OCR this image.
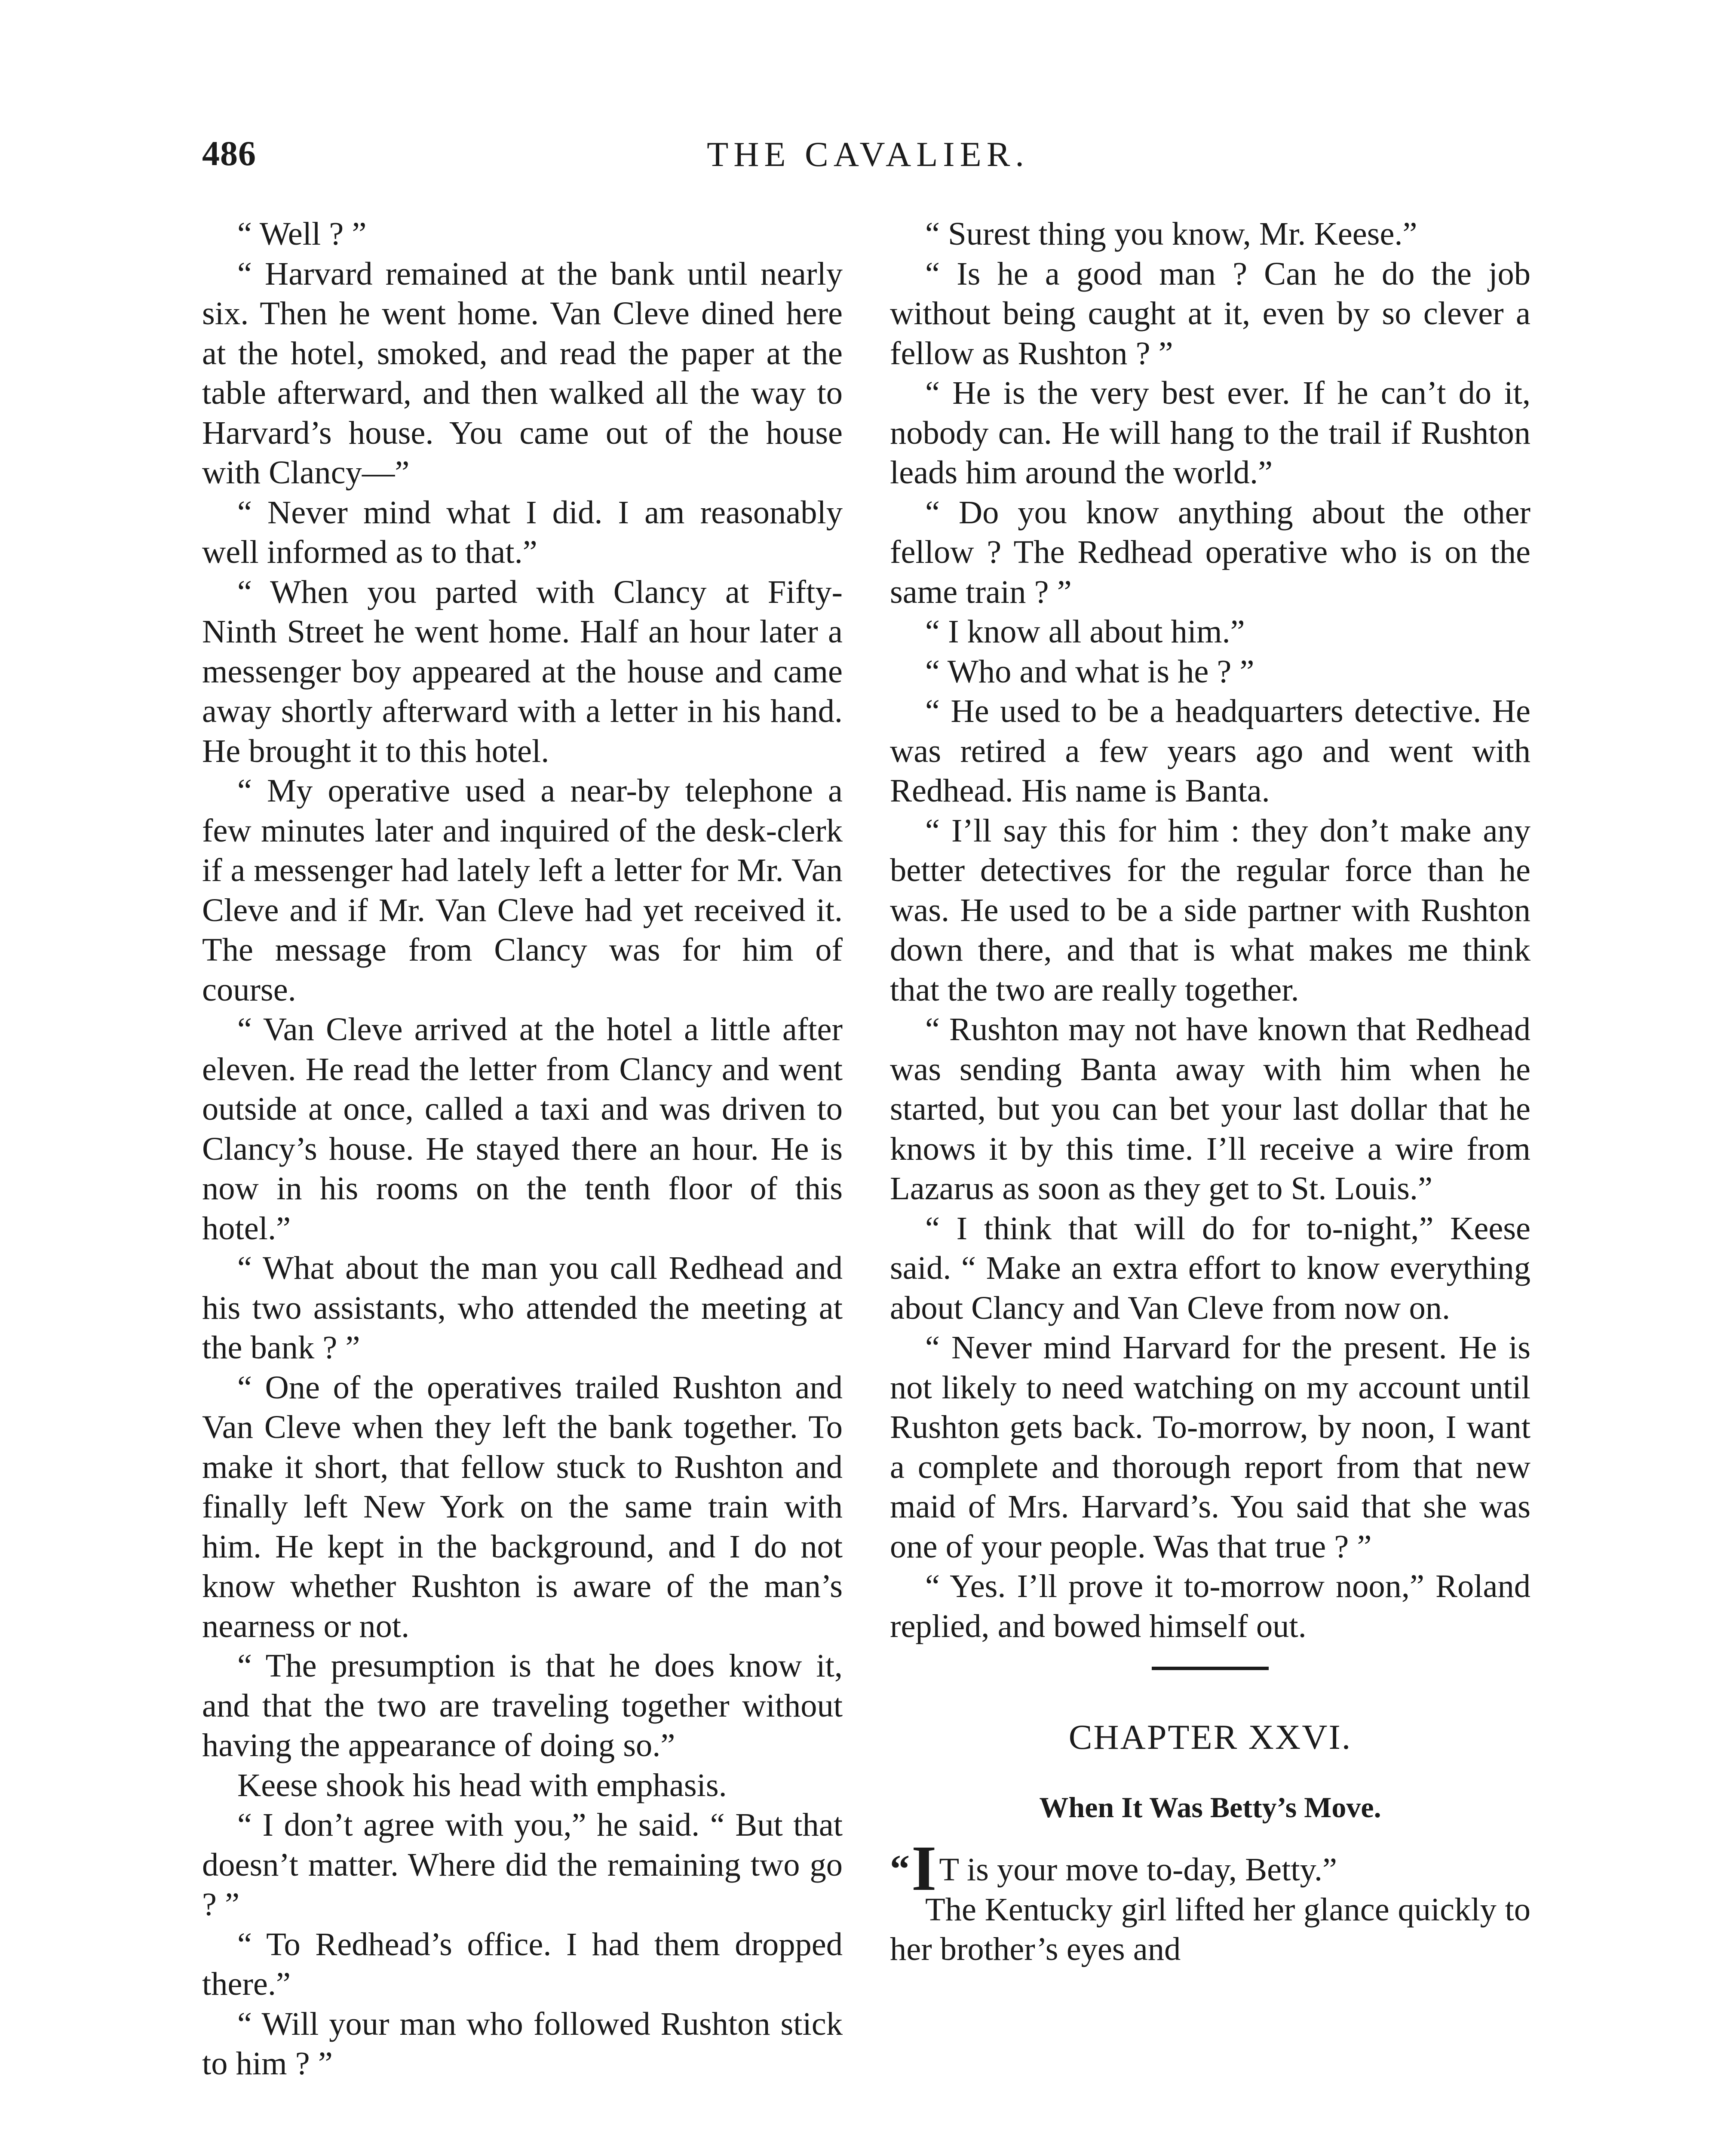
486	THE CAVALIER.

“ Well ? ”

“ Harvard remained at the bank until nearly six. Then he went home. Van Cleve dined here at the hotel, smoked, and read the paper at the table afterward, and then walked all the way to Harvard’s house. You came out of the house with Clancy—”

“ Never mind what I did. I am reasonably well informed as to that.”

“ When you parted with Clancy at Fifty-Ninth Street he went home. Half an hour later a messenger boy appeared at the house and came away shortly afterward with a letter in his hand. He brought it to this hotel.

“ My operative used a near-by telephone a few minutes later and inquired of the desk-clerk if a messenger had lately left a letter for Mr. Van Cleve and if Mr. Van Cleve had yet received it. The message from Clancy was for him of course.

“ Van Cleve arrived at the hotel a little after eleven. He read the letter from Clancy and went outside at once, called a taxi and was driven to Clancy’s house. He stayed there an hour. He is now in his rooms on the tenth floor of this hotel.”

“ What about the man you call Redhead and his two assistants, who attended the meeting at the bank ? ”

“ One of the operatives trailed Rushton and Van Cleve when they left the bank together. To make it short, that fellow stuck to Rushton and finally left New York on the same train with him. He kept in the background, and I do not know whether Rushton is aware of the man’s nearness or not.

“ The presumption is that he does know it, and that the two are traveling together without having the appearance of doing so.”

Keese shook his head with emphasis.

“ I don’t agree with you,” he said. “ But that doesn’t matter. Where did the remaining two go ? ”

“ To Redhead’s office. I had them dropped there.”

“ Will your man who followed Rushton stick to him ? ”

“ Surest thing you know, Mr. Keese.”

“ Is he a good man ? Can he do the job without being caught at it, even by so clever a fellow as Rushton ? ”

“ He is the very best ever. If he can’t do it, nobody can. He will hang to the trail if Rushton leads him around the world.”

“ Do you know anything about the other fellow ? The Redhead operative who is on the same train ? ”

“ I know all about him.”

“ Who and what is he ? ”

“ He used to be a headquarters detective. He was retired a few years ago and went with Redhead. His name is Banta.

“ I’ll say this for him : they don’t make any better detectives for the regular force than he was. He used to be a side partner with Rushton down there, and that is what makes me think that the two are really together.

“ Rushton may not have known that Redhead was sending Banta away with him when he started, but you can bet your last dollar that he knows it by this time. I’ll receive a wire from Lazarus as soon as they get to St. Louis.”

“ I think that will do for to-night,” Keese said. “ Make an extra effort to know everything about Clancy and Van Cleve from now on.

“ Never mind Harvard for the present. He is not likely to need watching on my account until Rushton gets back. To-morrow, by noon, I want a complete and thorough report from that new maid of Mrs. Harvard’s. You said that she was one of your people. Was that true ? ”

“ Yes. I’ll prove it to-morrow noon,” Roland replied, and bowed himself out.

CHAPTER XXVI.
When It Was Betty’s Move.

“IT is your move to-day, Betty.”

The Kentucky girl lifted her glance quickly to her brother’s eyes and
